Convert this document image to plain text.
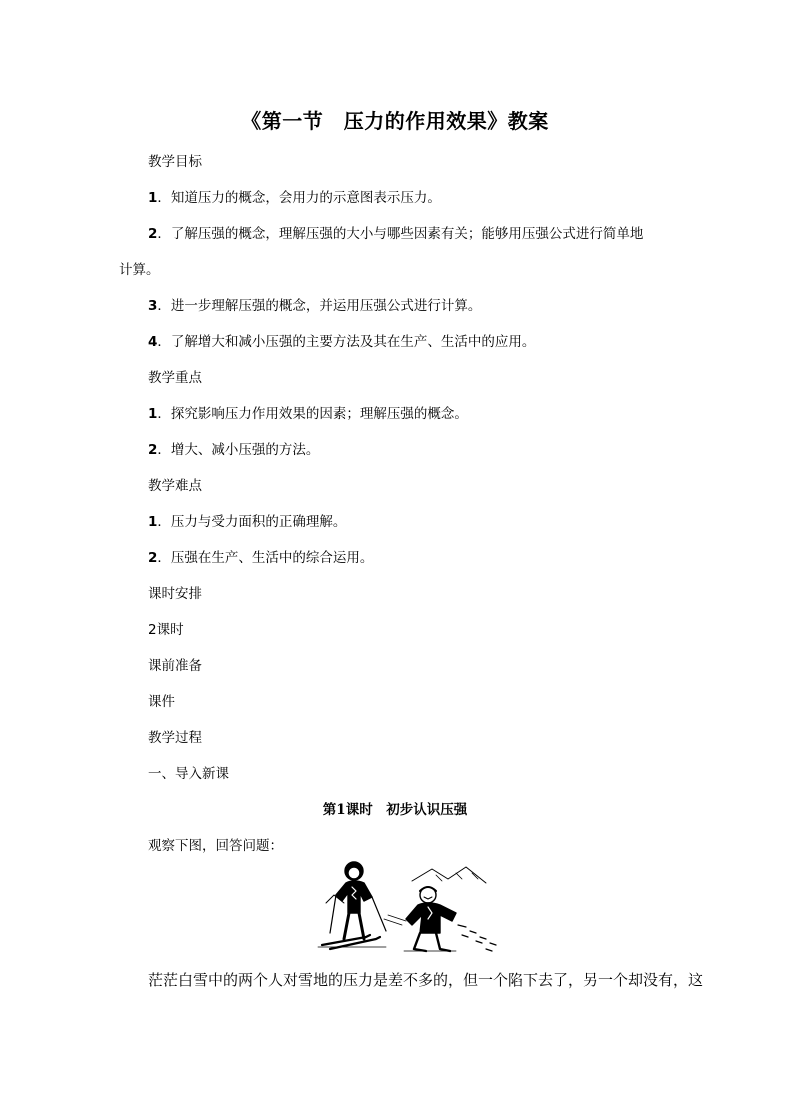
《第一节　压力的作用效果》教案
教学目标
1．知道压力的概念，会用力的示意图表示压力。
2．了解压强的概念，理解压强的大小与哪些因素有关；能够用压强公式进行简单地
计算。
3．进一步理解压强的概念，并运用压强公式进行计算。
4．了解增大和减小压强的主要方法及其在生产、生活中的应用。
教学重点
1．探究影响压力作用效果的因素；理解压强的概念。
2．增大、减小压强的方法。
教学难点
1．压力与受力面积的正确理解。
2．压强在生产、生活中的综合运用。
课时安排
2课时
课前准备
课件
教学过程
一、导入新课
第1课时　初步认识压强
观察下图，回答问题：
茫茫白雪中的两个人对雪地的压力是差不多的，但一个陷下去了，另一个却没有，这
